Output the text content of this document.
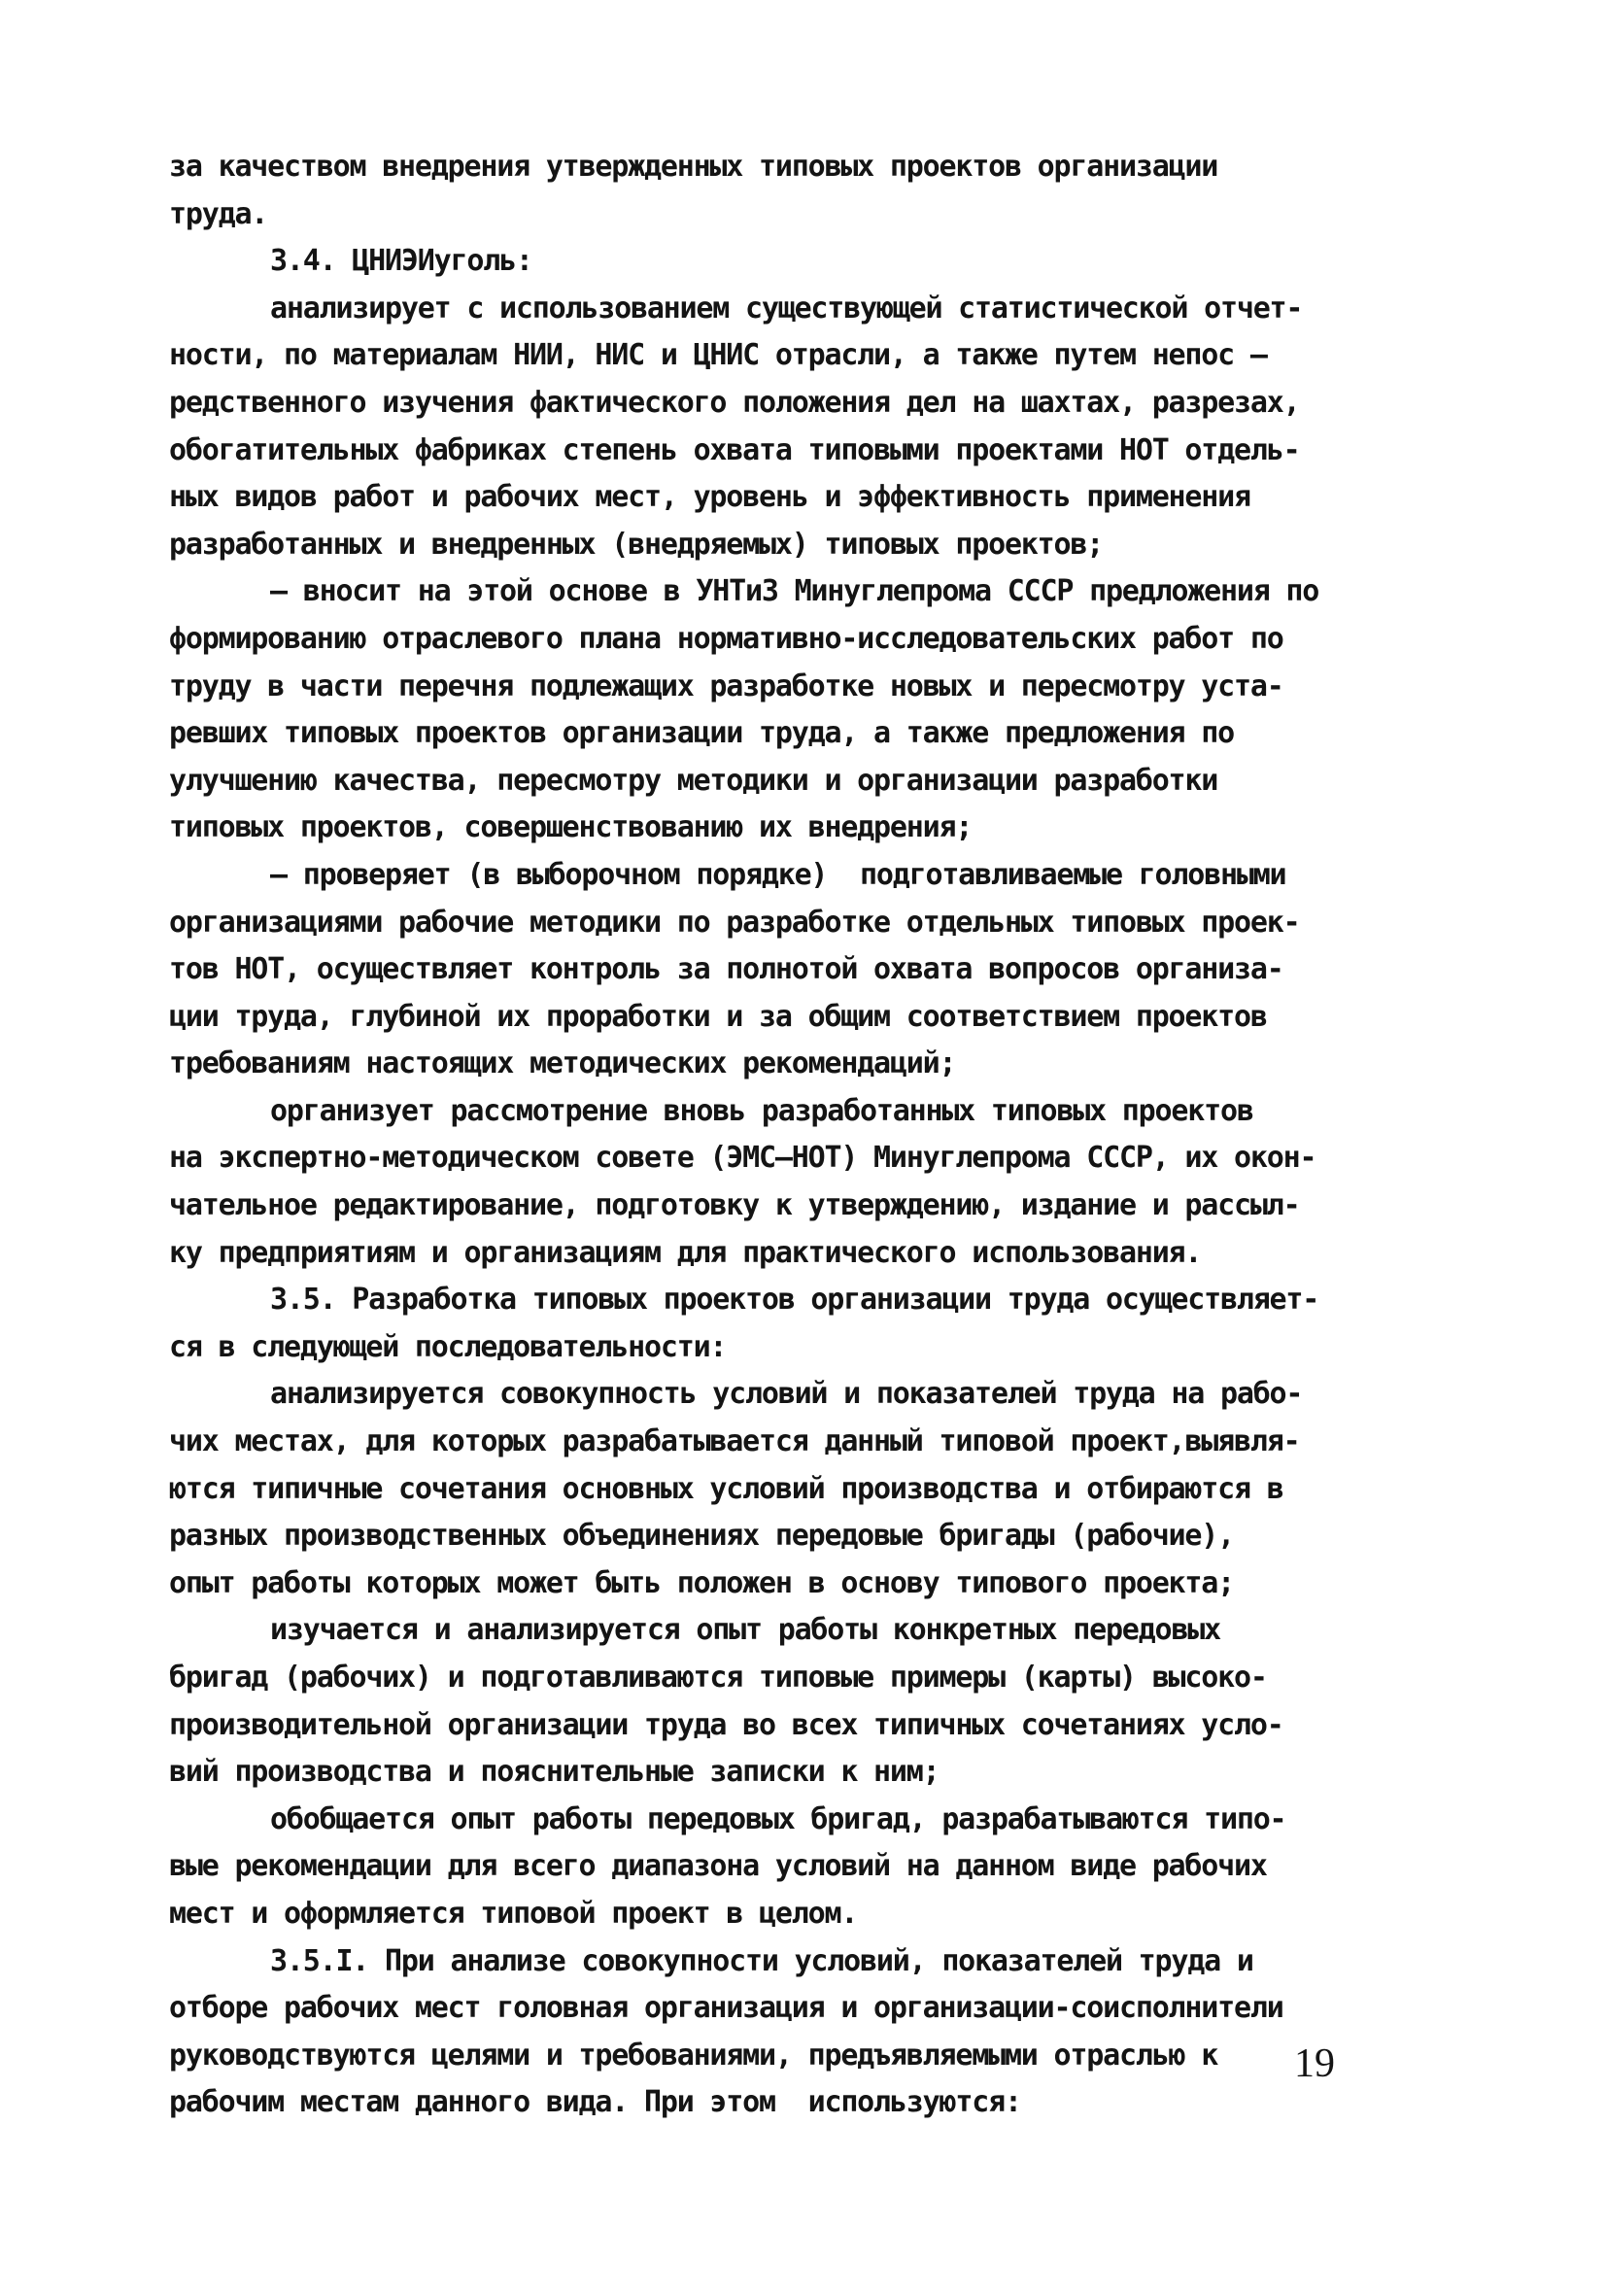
за качеством внедрения утвержденных типовых проектов организации
труда.
3.4. ЦНИЭИуголь:
анализирует с использованием существующей статистической отчет-
ности, по материалам НИИ, НИС и ЦНИС отрасли, а также путем непос –
редственного изучения фактического положения дел на шахтах, разрезах,
обогатительных фабриках степень охвата типовыми проектами НОТ отдель-
ных видов работ и рабочих мест, уровень и эффективность применения
разработанных и внедренных (внедряемых) типовых проектов;
– вносит на этой основе в УНТиЗ Минуглепрома СССР предложения по
формированию отраслевого плана нормативно-исследовательских работ по
труду в части перечня подлежащих разработке новых и пересмотру уста-
ревших типовых проектов организации труда, а также предложения по
улучшению качества, пересмотру методики и организации разработки
типовых проектов, совершенствованию их внедрения;
– проверяет (в выборочном порядке)  подготавливаемые головными
организациями рабочие методики по разработке отдельных типовых проек-
тов НОТ, осуществляет контроль за полнотой охвата вопросов организа-
ции труда, глубиной их проработки и за общим соответствием проектов
требованиям настоящих методических рекомендаций;
организует рассмотрение вновь разработанных типовых проектов
на экспертно-методическом совете (ЭМС–НОТ) Минуглепрома СССР, их окон-
чательное редактирование, подготовку к утверждению, издание и рассыл-
ку предприятиям и организациям для практического использования.
3.5. Разработка типовых проектов организации труда осуществляет-
ся в следующей последовательности:
анализируется совокупность условий и показателей труда на рабо-
чих местах, для которых разрабатывается данный типовой проект,выявля-
ются типичные сочетания основных условий производства и отбираются в
разных производственных объединениях передовые бригады (рабочие),
опыт работы которых может быть положен в основу типового проекта;
изучается и анализируется опыт работы конкретных передовых
бригад (рабочих) и подготавливаются типовые примеры (карты) высоко-
производительной организации труда во всех типичных сочетаниях усло-
вий производства и пояснительные записки к ним;
обобщается опыт работы передовых бригад, разрабатываются типо-
вые рекомендации для всего диапазона условий на данном виде рабочих
мест и оформляется типовой проект в целом.
3.5.I. При анализе совокупности условий, показателей труда и
отборе рабочих мест головная организация и организации-соисполнители
руководствуются целями и требованиями, предъявляемыми отраслью к
рабочим местам данного вида. При этом  используются:
19
